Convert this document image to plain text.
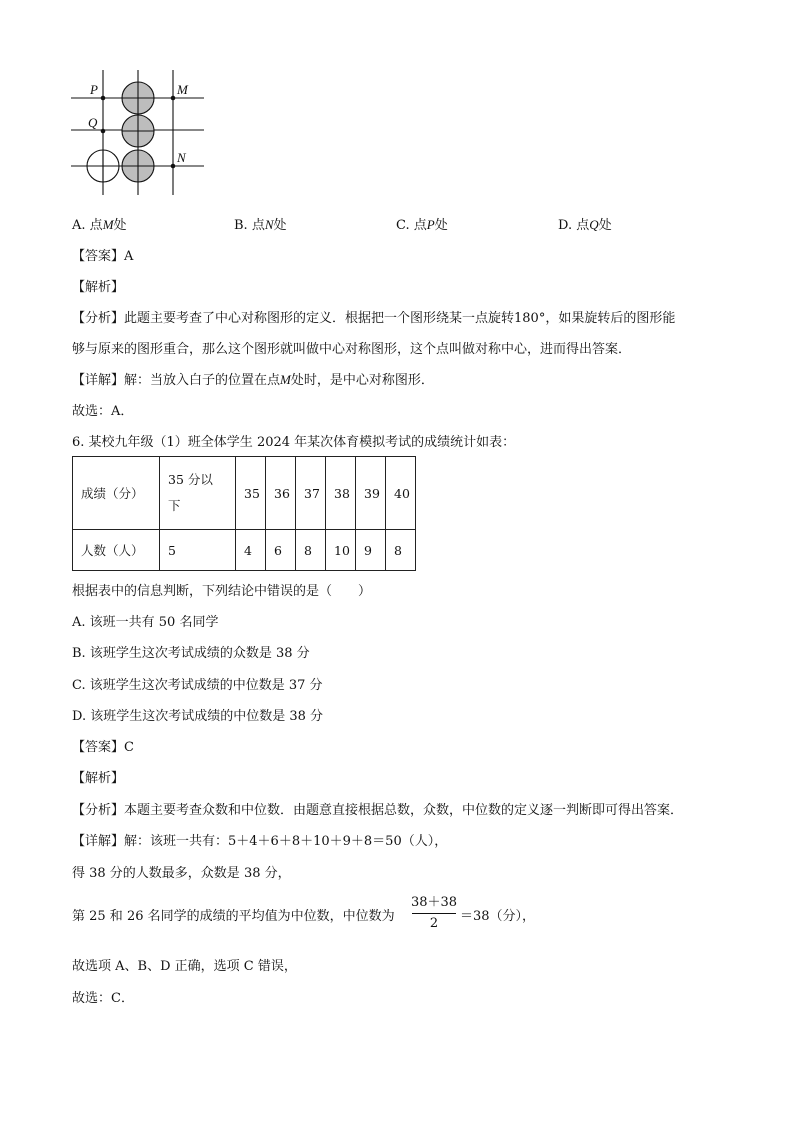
P	M
Q
N
A. 点M处	B. 点N处	C. 点P处	D. 点Q处
【答案】A
【解析】
【分析】此题主要考查了中心对称图形的定义．根据把一个图形绕某一点旋转180°，如果旋转后的图形能
够与原来的图形重合，那么这个图形就叫做中心对称图形，这个点叫做对称中心，进而得出答案．
【详解】解：当放入白子的位置在点M处时，是中心对称图形．
故选：A．
6. 某校九年级（1）班全体学生 2024 年某次体育模拟考试的成绩统计如表：
成绩（分）	35 分以
下	35	36	37	38	39	40
人数（人）	5	4	6	8	10	9	8
根据表中的信息判断，下列结论中错误的是（　　）
A. 该班一共有 50 名同学
B. 该班学生这次考试成绩的众数是 38 分
C. 该班学生这次考试成绩的中位数是 37 分
D. 该班学生这次考试成绩的中位数是 38 分
【答案】C
【解析】
【分析】本题主要考查众数和中位数．由题意直接根据总数，众数，中位数的定义逐一判断即可得出答案．
【详解】解：该班一共有：5＋4＋6＋8＋10＋9＋8＝50（人），
得 38 分的人数最多，众数是 38 分，
第 25 和 26 名同学的成绩的平均值为中位数，中位数为
38＋38
2	＝38（分），
故选项 A、B、D 正确，选项 C 错误，
故选：C．
